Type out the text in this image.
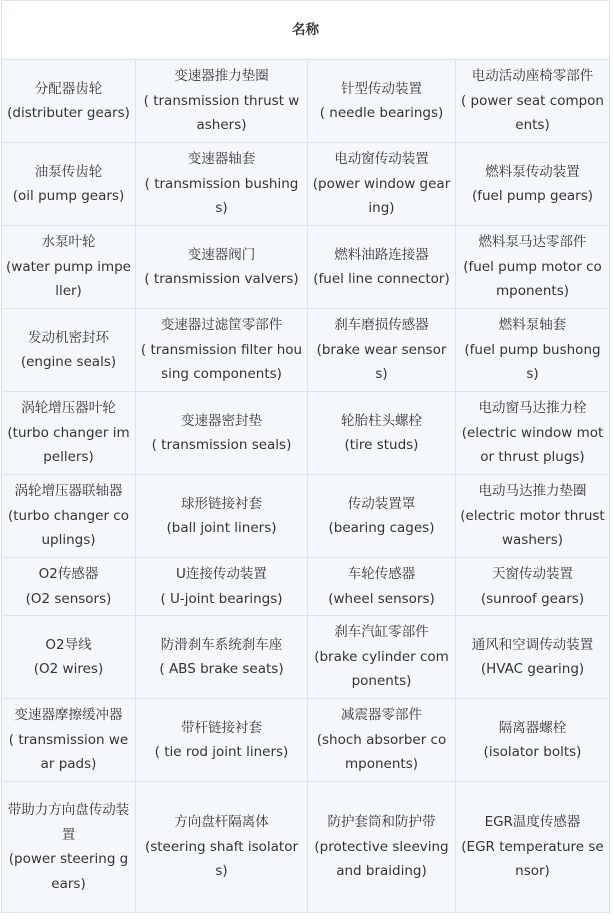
名称			

分配器齿轮
(distributer gears)	变速器推力垫圈
( transmission thrust washers)	针型传动装置
( needle bearings)	电动活动座椅零部件
( power seat components)

油泵传齿轮
(oil pump gears)	变速器轴套
( transmission bushings)	电动窗传动装置
(power window gearing)	燃料泵传动装置
(fuel pump gears)

水泵叶轮
(water pump impeller)	变速器阀门
( transmission valvers)	燃料油路连接器
(fuel line connector)	燃料泵马达零部件
(fuel pump motor components)

发动机密封环
(engine seals)	变速器过滤筐零部件
( transmission filter housing components)	刹车磨损传感器
(brake wear sensors)	燃料泵轴套
(fuel pump bushongs)

涡轮增压器叶轮
(turbo changer impellers)	变速器密封垫
( transmission seals)	轮胎柱头螺栓
(tire studs)	电动窗马达推力栓
(electric window motor thrust plugs)

涡轮增压器联轴器
(turbo changer couplings)	球形链接衬套
(ball joint liners)	传动装置罩
(bearing cages)	电动马达推力垫圈
(electric motor thrust washers)

O2传感器
(O2 sensors)	U连接传动装置
( U-joint bearings)	车轮传感器
(wheel sensors)	天窗传动装置
(sunroof gears)

O2导线
(O2 wires)	防滑刹车系统刹车座
( ABS brake seats)	刹车汽缸零部件
(brake cylinder components)	通风和空调传动装置
(HVAC gearing)

变速器摩擦缓冲器
( transmission wear pads)	带杆链接衬套
( tie rod joint liners)	减震器零部件
(shoch absorber components)	隔离器螺栓
(isolator bolts)

带助力方向盘传动装置
(power steering gears)	方向盘杆隔离体
(steering shaft isolators)	防护套筒和防护带
(protective sleeving and braiding)	EGR温度传感器
(EGR temperature sensor)
